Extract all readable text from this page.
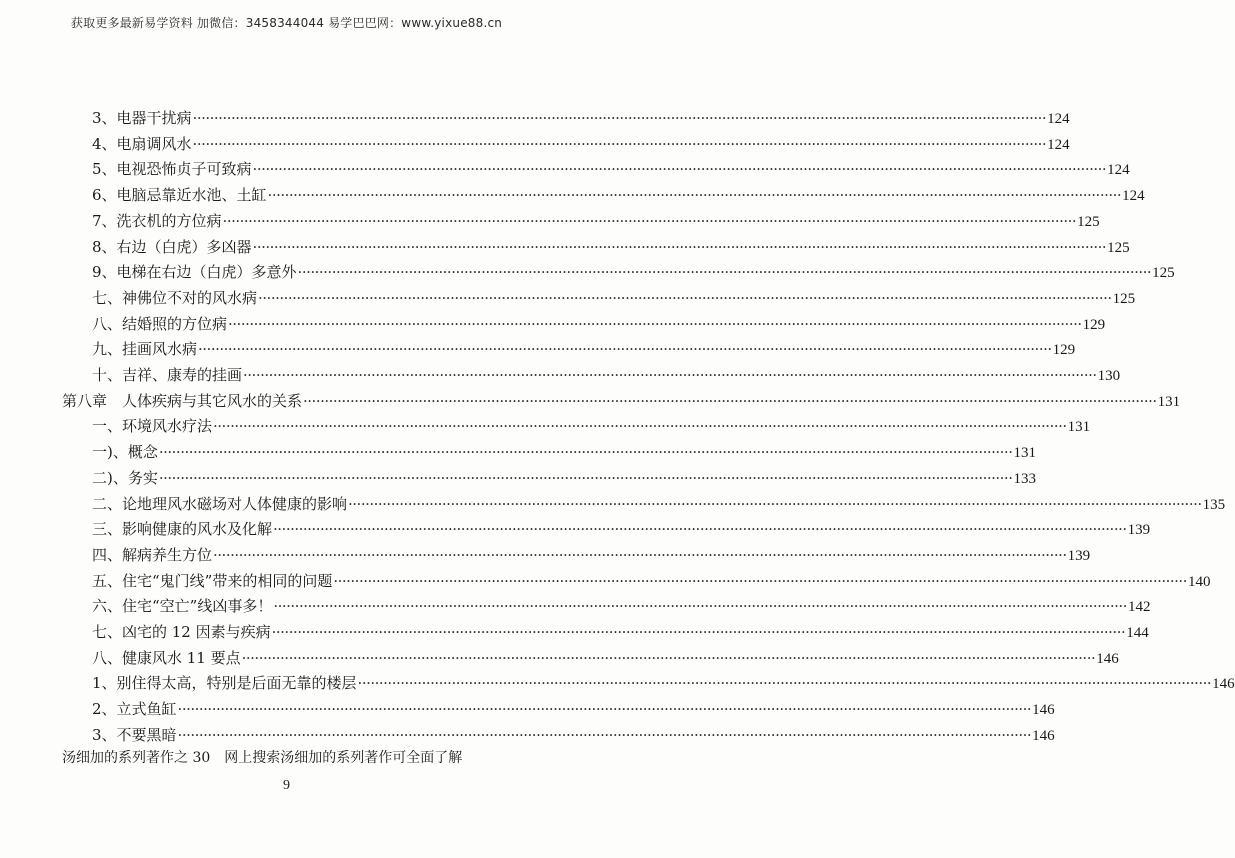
获取更多最新易学资料 加微信：3458344044 易学巴巴网：www.yixue88.cn
3、电器干扰病 ········································································································································································································ 124
4、电扇调风水 ········································································································································································································ 124
5、电视恐怖贞子可致病 ········································································································································································································ 124
6、电脑忌靠近水池、土缸 ········································································································································································································ 124
7、洗衣机的方位病 ········································································································································································································ 125
8、右边（白虎）多凶器 ········································································································································································································ 125
9、电梯在右边（白虎）多意外 ········································································································································································································ 125
七、神佛位不对的风水病 ········································································································································································································ 125
八、结婚照的方位病 ········································································································································································································ 129
九、挂画风水病 ········································································································································································································ 129
十、吉祥、康寿的挂画 ········································································································································································································ 130
第八章　人体疾病与其它风水的关系 ········································································································································································································ 131
一、环境风水疗法 ········································································································································································································ 131
一)、概念 ········································································································································································································ 131
二)、务实 ········································································································································································································ 133
二、论地理风水磁场对人体健康的影响 ········································································································································································································ 135
三、影响健康的风水及化解 ········································································································································································································ 139
四、解病养生方位 ········································································································································································································ 139
五、住宅“鬼门线”带来的相同的问题 ········································································································································································································ 140
六、住宅“空亡”线凶事多！ ········································································································································································································ 142
七、凶宅的 12 因素与疾病 ········································································································································································································ 144
八、健康风水 11 要点 ········································································································································································································ 146
1、别住得太高，特别是后面无靠的楼层 ········································································································································································································ 146
2、立式鱼缸 ········································································································································································································ 146
3、不要黑暗 ········································································································································································································ 146
汤细加的系列著作之 30　网上搜索汤细加的系列著作可全面了解
9
